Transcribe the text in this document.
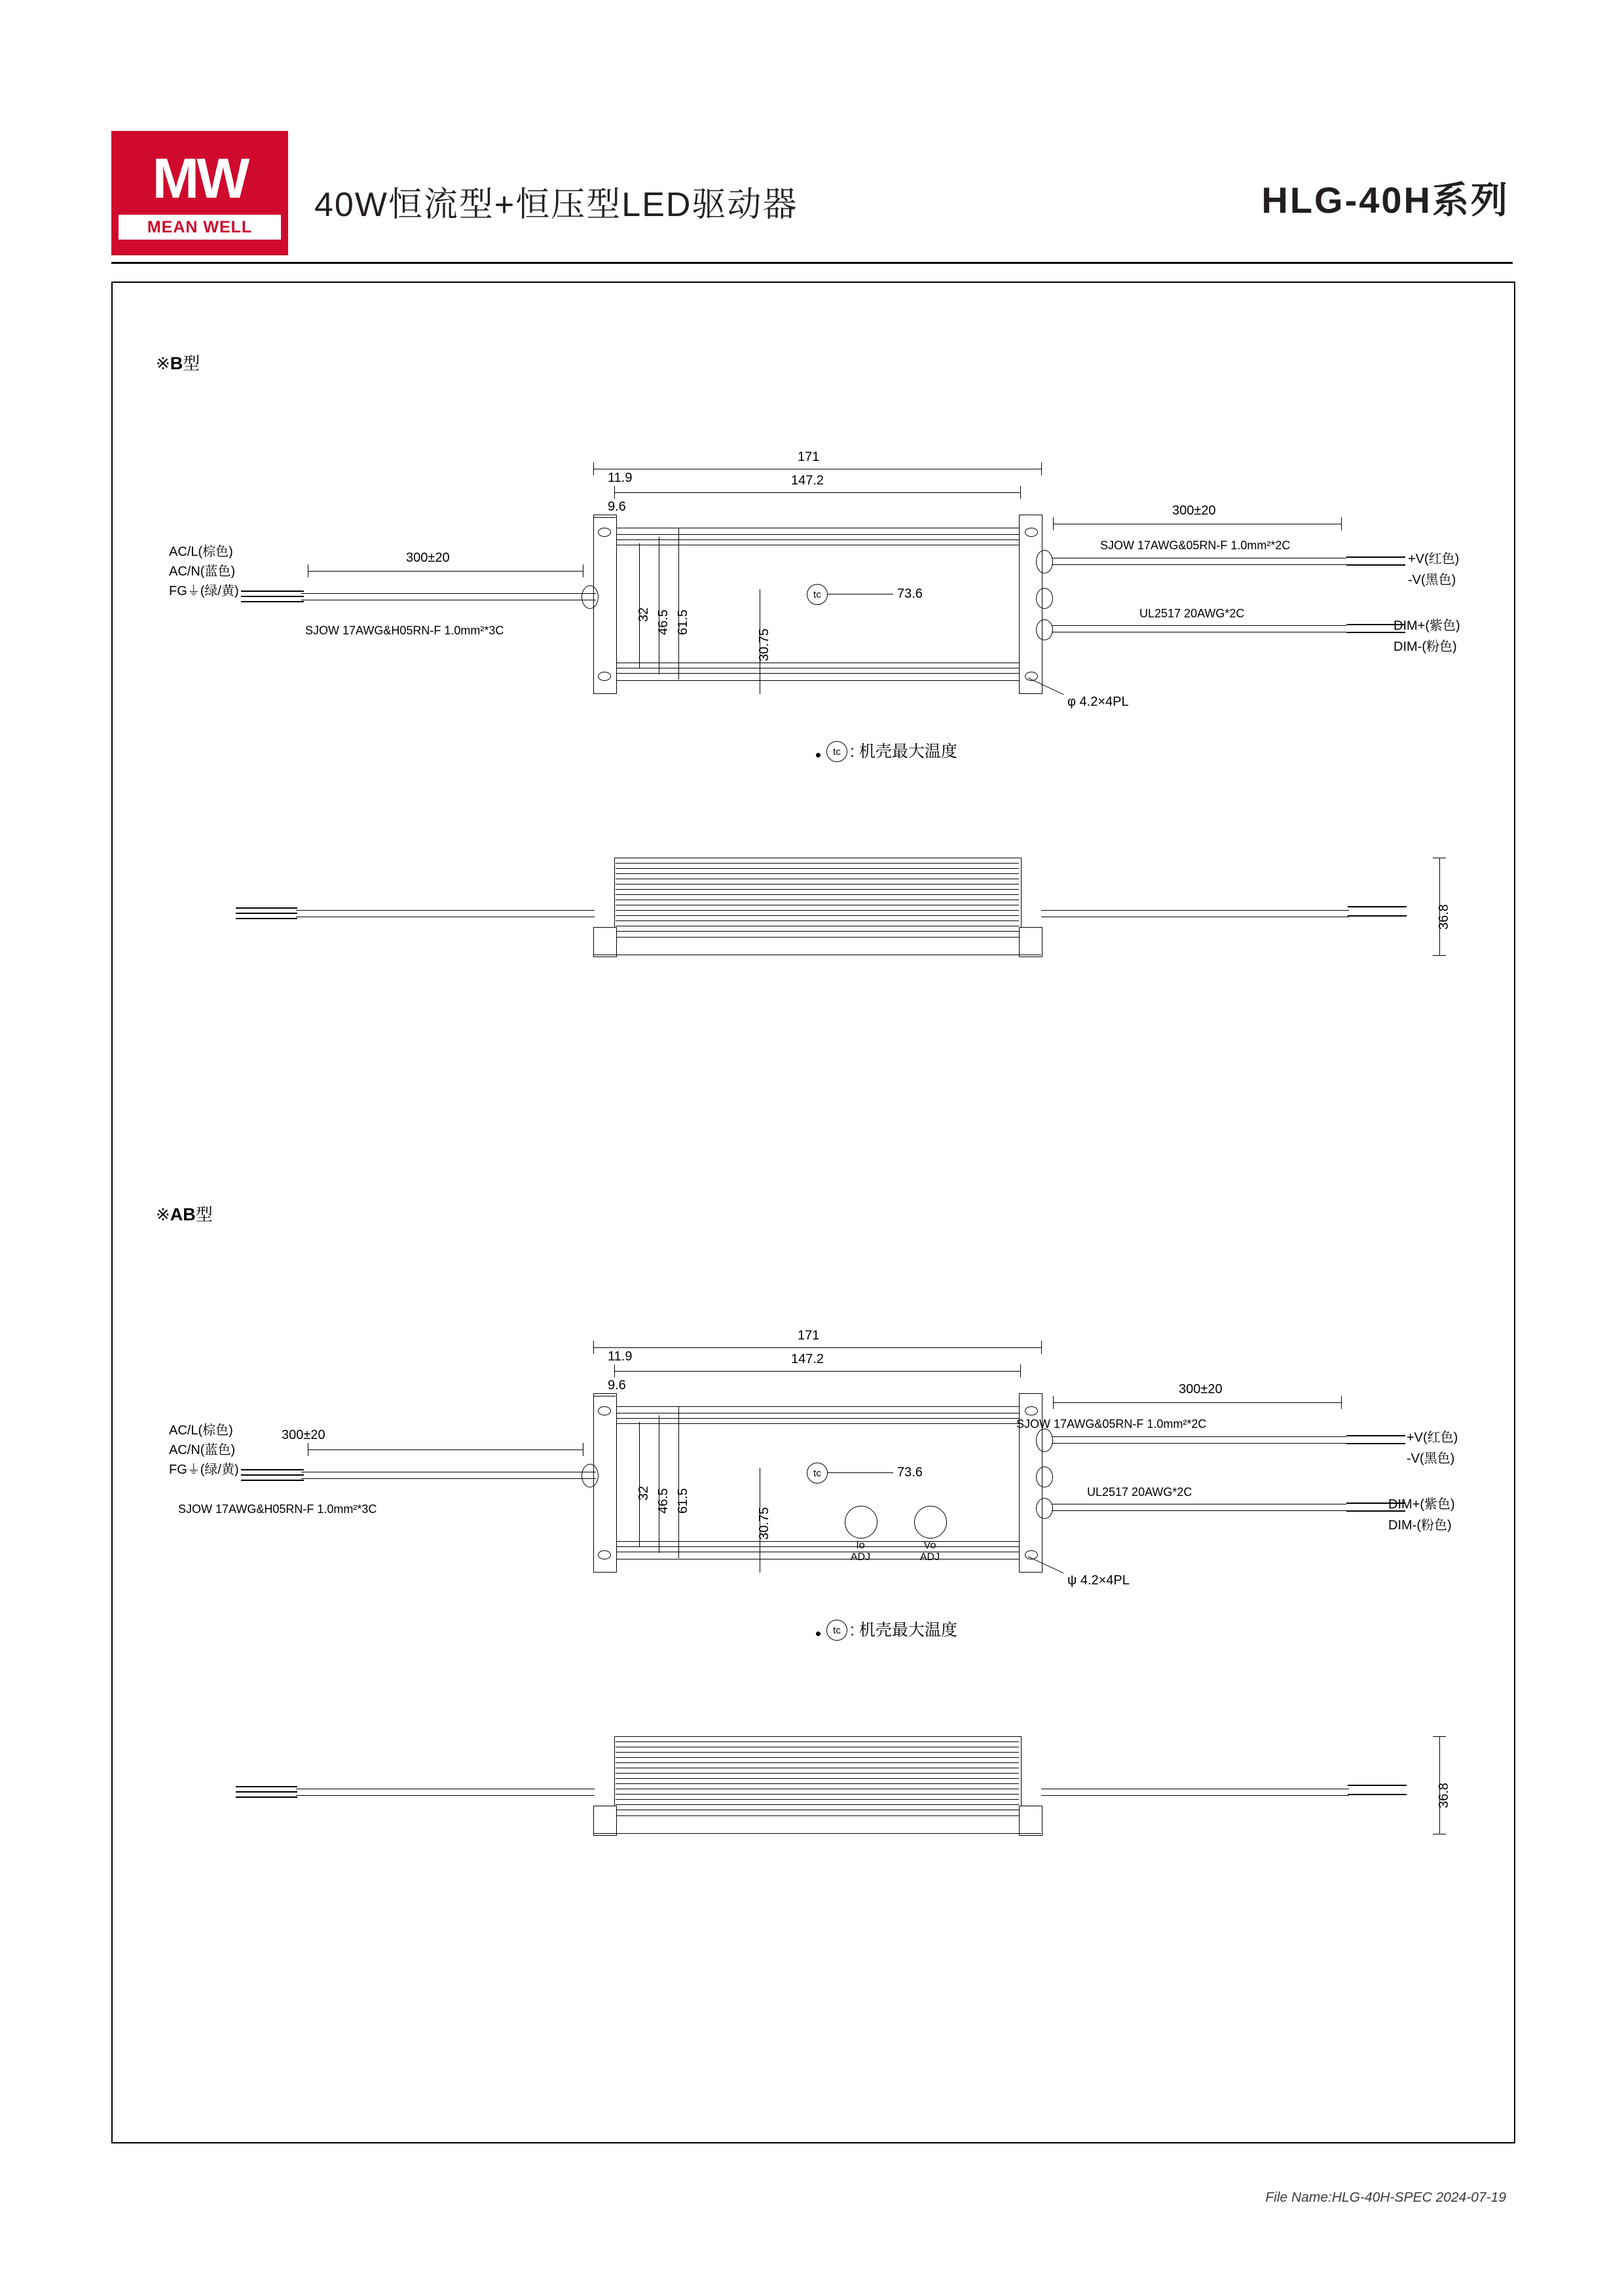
MW
MEAN WELL
40W恒流型+恒压型LED驱动器	HLG-40H系列
※B型
tc	73.6
171
147.2
11.9
9.6
32 46.5 61.5
30.75
φ 4.2×4PL
AC/L(棕色)
AC/N(蓝色)
FG⏚(绿/黄)
300±20
SJOW 17AWG&H05RN-F 1.0mm²*3C
300±20
SJOW 17AWG&05RN-F 1.0mm²*2C
UL2517 20AWG*2C
+V(红色)
-V(黑色)
DIM+(紫色)
DIM-(粉色)
tc : 机壳最大温度
36.8
※AB型
tc	73.6
Io
ADJ
Vo
ADJ
171
147.2
11.9
9.6
32 46.5 61.5
30.75
ψ 4.2×4PL
AC/L(棕色)
AC/N(蓝色)
FG⏚(绿/黄)
300±20
SJOW 17AWG&H05RN-F 1.0mm²*3C
300±20
SJOW 17AWG&05RN-F 1.0mm²*2C
UL2517 20AWG*2C
+V(红色)
-V(黑色)
DIM+(紫色)
DIM-(粉色)
tc : 机壳最大温度
36.8
File Name:HLG-40H-SPEC 2024-07-19
